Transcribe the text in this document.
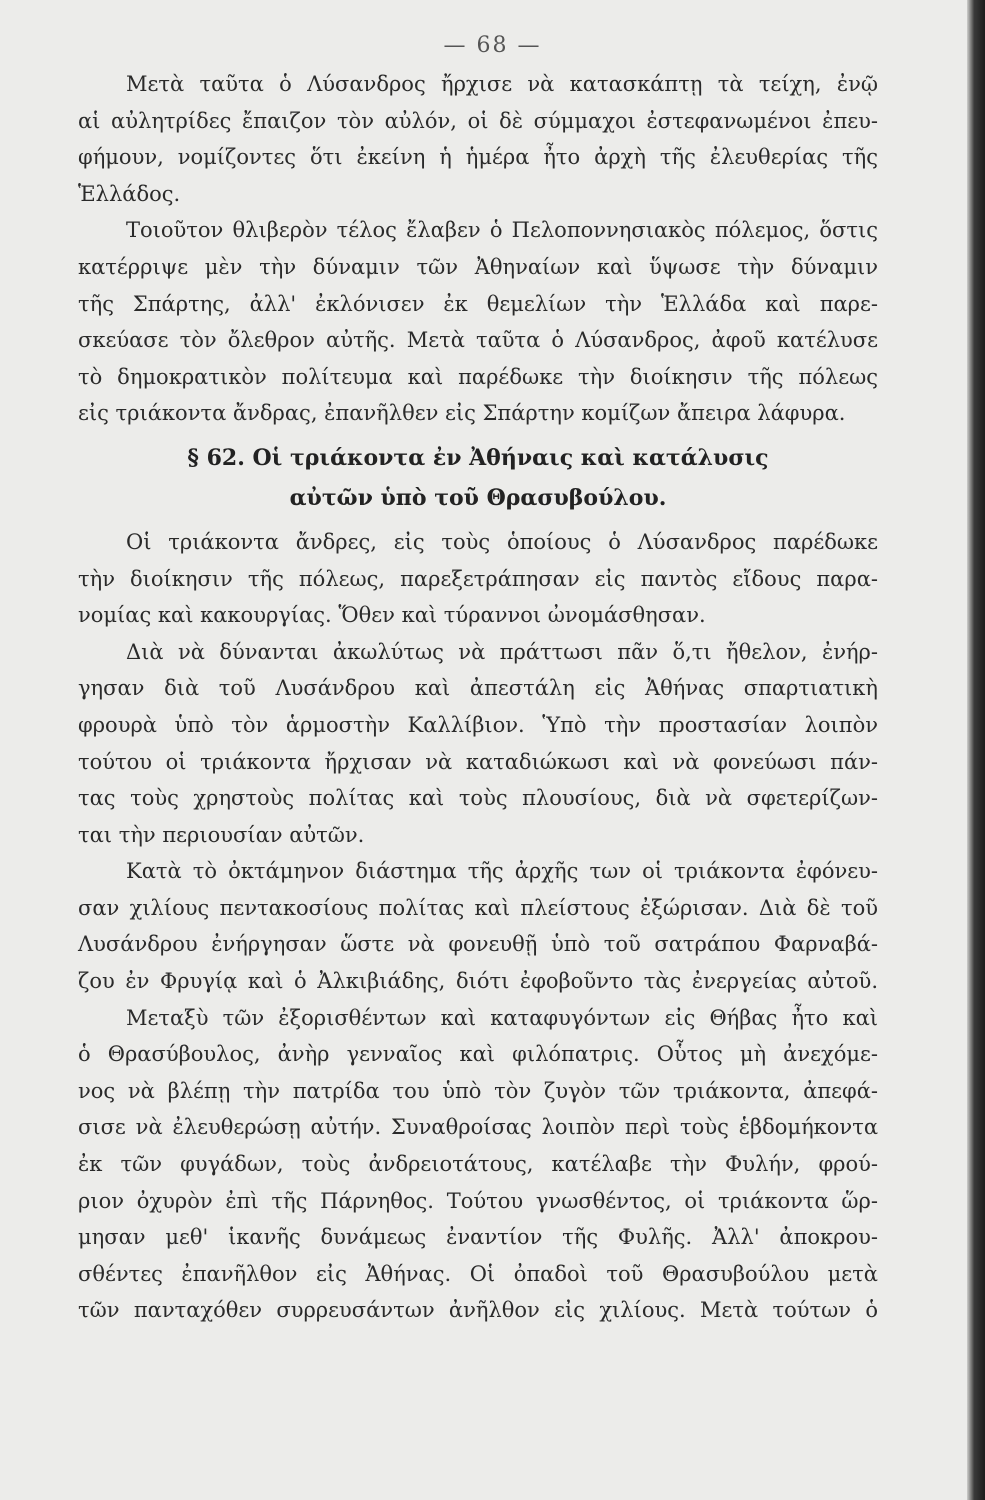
— 68 —
Μετὰ ταῦτα ὁ Λύσανδρος ἤρχισε νὰ κατασκάπτῃ τὰ τείχη, ἐνῷ
αἱ αὐλητρίδες ἔπαιζον τὸν αὐλόν, οἱ δὲ σύμμαχοι ἐστεφανωμένοι ἐπευ-
φήμουν, νομίζοντες ὅτι ἐκείνη ἡ ἡμέρα ἦτο ἀρχὴ τῆς ἐλευθερίας τῆς
Ἑλλάδος.
Τοιοῦτον θλιβερὸν τέλος ἔλαβεν ὁ Πελοποννησιακὸς πόλεμος, ὅστις
κατέρριψε μὲν τὴν δύναμιν τῶν Ἀθηναίων καὶ ὕψωσε τὴν δύναμιν
τῆς Σπάρτης, ἀλλ' ἐκλόνισεν ἐκ θεμελίων τὴν Ἑλλάδα καὶ παρε-
σκεύασε τὸν ὄλεθρον αὐτῆς. Μετὰ ταῦτα ὁ Λύσανδρος, ἀφοῦ κατέλυσε
τὸ δημοκρατικὸν πολίτευμα καὶ παρέδωκε τὴν διοίκησιν τῆς πόλεως
εἰς τριάκοντα ἄνδρας, ἐπανῆλθεν εἰς Σπάρτην κομίζων ἄπειρα λάφυρα.
§ 62. Οἱ τριάκοντα ἐν Ἀθήναις καὶ κατάλυσις
αὐτῶν ὑπὸ τοῦ Θρασυβούλου.
Οἱ τριάκοντα ἄνδρες, εἰς τοὺς ὁποίους ὁ Λύσανδρος παρέδωκε
τὴν διοίκησιν τῆς πόλεως, παρεξετράπησαν εἰς παντὸς εἴδους παρα-
νομίας καὶ κακουργίας. Ὅθεν καὶ τύραννοι ὠνομάσθησαν.
Διὰ νὰ δύνανται ἀκωλύτως νὰ πράττωσι πᾶν ὅ,τι ἤθελον, ἐνήρ-
γησαν διὰ τοῦ Λυσάνδρου καὶ ἀπεστάλη εἰς Ἀθήνας σπαρτιατικὴ
φρουρὰ ὑπὸ τὸν ἁρμοστὴν Καλλίβιον. Ὑπὸ τὴν προστασίαν λοιπὸν
τούτου οἱ τριάκοντα ἤρχισαν νὰ καταδιώκωσι καὶ νὰ φονεύωσι πάν-
τας τοὺς χρηστοὺς πολίτας καὶ τοὺς πλουσίους, διὰ νὰ σφετερίζων-
ται τὴν περιουσίαν αὐτῶν.
Κατὰ τὸ ὀκτάμηνον διάστημα τῆς ἀρχῆς των οἱ τριάκοντα ἐφόνευ-
σαν χιλίους πεντακοσίους πολίτας καὶ πλείστους ἐξώρισαν. Διὰ δὲ τοῦ
Λυσάνδρου ἐνήργησαν ὥστε νὰ φονευθῇ ὑπὸ τοῦ σατράπου Φαρναβά-
ζου ἐν Φρυγίᾳ καὶ ὁ Ἀλκιβιάδης, διότι ἐφοβοῦντο τὰς ἐνεργείας αὐτοῦ.
Μεταξὺ τῶν ἐξορισθέντων καὶ καταφυγόντων εἰς Θήβας ἦτο καὶ
ὁ Θρασύβουλος, ἀνὴρ γενναῖος καὶ φιλόπατρις. Οὗτος μὴ ἀνεχόμε-
νος νὰ βλέπῃ τὴν πατρίδα του ὑπὸ τὸν ζυγὸν τῶν τριάκοντα, ἀπεφά-
σισε νὰ ἐλευθερώσῃ αὐτήν. Συναθροίσας λοιπὸν περὶ τοὺς ἑβδομήκοντα
ἐκ τῶν φυγάδων, τοὺς ἀνδρειοτάτους, κατέλαβε τὴν Φυλήν, φρού-
ριον ὀχυρὸν ἐπὶ τῆς Πάρνηθος. Τούτου γνωσθέντος, οἱ τριάκοντα ὥρ-
μησαν μεθ' ἱκανῆς δυνάμεως ἐναντίον τῆς Φυλῆς. Ἀλλ' ἀποκρου-
σθέντες ἐπανῆλθον εἰς Ἀθήνας. Οἱ ὀπαδοὶ τοῦ Θρασυβούλου μετὰ
τῶν πανταχόθεν συρρευσάντων ἀνῆλθον εἰς χιλίους. Μετὰ τούτων ὁ
